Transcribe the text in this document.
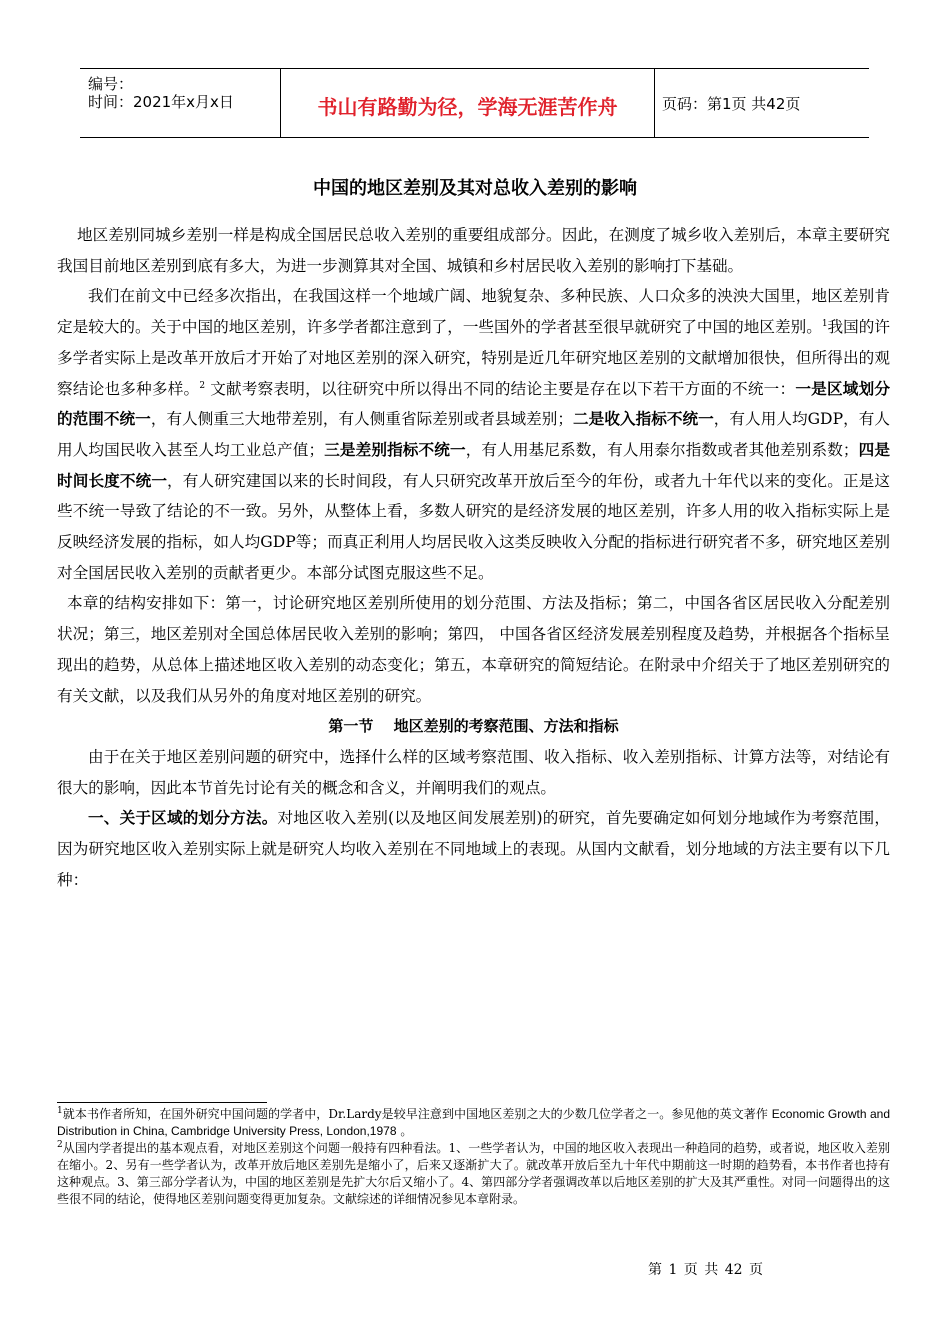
编号：
时间：2021年x月x日	书山有路勤为径，学海无涯苦作舟	页码：第1页 共42页
中国的地区差别及其对总收入差别的影响

地区差别同城乡差别一样是构成全国居民总收入差别的重要组成部分。因此，在测度了城乡收入差别后，本章主要研究我国目前地区差别到底有多大，为进一步测算其对全国、城镇和乡村居民收入差别的影响打下基础。

我们在前文中已经多次指出，在我国这样一个地域广阔、地貌复杂、多种民族、人口众多的泱泱大国里，地区差别肯定是较大的。关于中国的地区差别，许多学者都注意到了，一些国外的学者甚至很早就研究了中国的地区差别。$^1$我国的许多学者实际上是改革开放后才开始了对地区差别的深入研究，特别是近几年研究地区差别的文献增加很快，但所得出的观察结论也多种多样。$^2$ 文献考察表明，以往研究中所以得出不同的结论主要是存在以下若干方面的不统一：一是区域划分的范围不统一，有人侧重三大地带差别，有人侧重省际差别或者县域差别；二是收入指标不统一，有人用人均GDP，有人用人均国民收入甚至人均工业总产值；三是差别指标不统一，有人用基尼系数，有人用泰尔指数或者其他差别系数；四是时间长度不统一，有人研究建国以来的长时间段，有人只研究改革开放后至今的年份，或者九十年代以来的变化。正是这些不统一导致了结论的不一致。另外，从整体上看，多数人研究的是经济发展的地区差别，许多人用的收入指标实际上是反映经济发展的指标，如人均GDP等；而真正利用人均居民收入这类反映收入分配的指标进行研究者不多，研究地区差别对全国居民收入差别的贡献者更少。本部分试图克服这些不足。

本章的结构安排如下：第一，讨论研究地区差别所使用的划分范围、方法及指标；第二，中国各省区居民收入分配差别状况；第三，地区差别对全国总体居民收入差别的影响；第四， 中国各省区经济发展差别程度及趋势，并根据各个指标呈现出的趋势，从总体上描述地区收入差别的动态变化；第五，本章研究的简短结论。在附录中介绍关于了地区差别研究的有关文献，以及我们从另外的角度对地区差别的研究。

第一节　 地区差别的考察范围、方法和指标

由于在关于地区差别问题的研究中，选择什么样的区域考察范围、收入指标、收入差别指标、计算方法等，对结论有很大的影响，因此本节首先讨论有关的概念和含义，并阐明我们的观点。

一、关于区域的划分方法。对地区收入差别(以及地区间发展差别)的研究，首先要确定如何划分地域作为考察范围，因为研究地区收入差别实际上就是研究人均收入差别在不同地域上的表现。从国内文献看，划分地域的方法主要有以下几种：

$^1$就本书作者所知，在国外研究中国问题的学者中，Dr.Lardy是较早注意到中国地区差别之大的少数几位学者之一。参见他的英文著作 Economic Growth and Distribution in China, Cambridge University Press, London,1978 。

$^2$从国内学者提出的基本观点看，对地区差别这个问题一般持有四种看法。1、一些学者认为，中国的地区收入表现出一种趋同的趋势，或者说，地区收入差别在缩小。2、另有一些学者认为，改革开放后地区差别先是缩小了，后来又逐渐扩大了。就改革开放后至九十年代中期前这一时期的趋势看，本书作者也持有这种观点。3、第三部分学者认为，中国的地区差别是先扩大尔后又缩小了。4、第四部分学者强调改革以后地区差别的扩大及其严重性。对同一问题得出的这些很不同的结论，使得地区差别问题变得更加复杂。文献综述的详细情况参见本章附录。

第 1 页 共 42 页
